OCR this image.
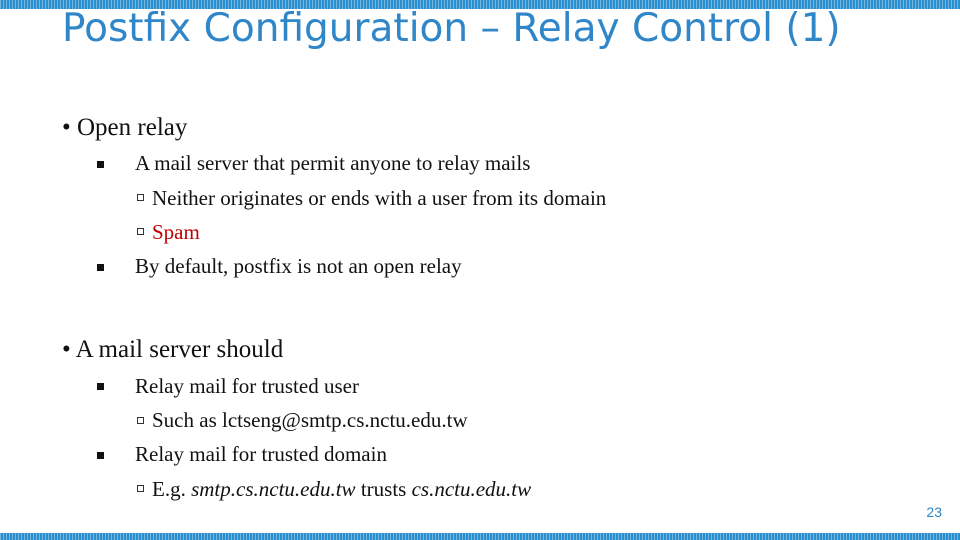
Postfix Configuration – Relay Control (1)
• Open relay
A mail server that permit anyone to relay mails
Neither originates or ends with a user from its domain
Spam
By default, postfix is not an open relay
• A mail server should
Relay mail for trusted user
Such as lctseng@smtp.cs.nctu.edu.tw
Relay mail for trusted domain
E.g. smtp.cs.nctu.edu.tw trusts cs.nctu.edu.tw
23
